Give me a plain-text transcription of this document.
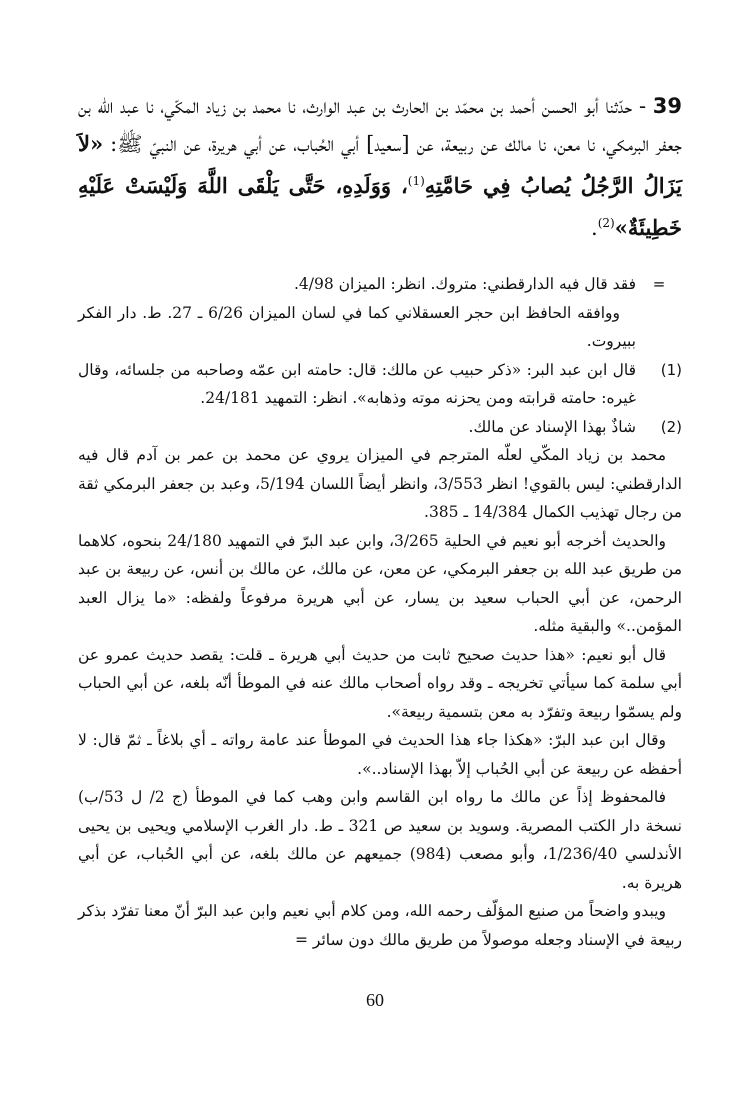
39 - حدّثنا أبو الحسن أحمد بن محمّد بن الحارث بن عبد الوارث، نا محمد بن زياد المكّي، نا عبد الله بن جعفر البرمكي، نا معن، نا مالك عن ربيعة، عن [سعيد] أبي الحُباب، عن أبي هريرة، عن النبيّ ﷺ: «لاَ يَزَالُ الرَّجُلُ يُصابُ فِي حَامَّتِهِ$^{(1)}$، وَوَلَدِهِ، حَتَّى يَلْقَى اللَّهَ وَلَيْسَتْ عَلَيْهِ خَطِيئَةٌ»$^{(2)}$.

=

فقد قال فيه الدارقطني: متروك. انظر: الميزان 4/98.

ووافقه الحافظ ابن حجر العسقلاني كما في لسان الميزان 6/26 ـ 27. ط. دار الفكر ببيروت.

(1)

قال ابن عبد البر: «ذكر حبيب عن مالك: قال: حامته ابن عمّه وصاحبه من جلسائه، وقال غيره: حامته قرابته ومن يحزنه موته وذهابه». انظر: التمهيد 24/181.

(2)

شاذٌ بهذا الإسناد عن مالك.

محمد بن زياد المكّي لعلّه المترجم في الميزان يروي عن محمد بن عمر بن آدم قال فيه الدارقطني: ليس بالقوي! انظر 3/553، وانظر أيضاً اللسان 5/194، وعبد بن جعفر البرمكي ثقة من رجال تهذيب الكمال 14/384 ـ 385.

والحديث أخرجه أبو نعيم في الحلية 3/265، وابن عبد البرّ في التمهيد 24/180 بنحوه، كلاهما من طريق عبد الله بن جعفر البرمكي، عن معن، عن مالك، عن مالك بن أنس، عن ربيعة بن عبد الرحمن، عن أبي الحباب سعيد بن يسار، عن أبي هريرة مرفوعاً ولفظه: «ما يزال العبد المؤمن..» والبقية مثله.

قال أبو نعيم: «هذا حديث صحيح ثابت من حديث أبي هريرة ـ قلت: يقصد حديث عمرو عن أبي سلمة كما سيأتي تخريجه ـ وقد رواه أصحاب مالك عنه في الموطأ أنّه بلغه، عن أبي الحباب ولم يسمّوا ربيعة وتفرّد به معن بتسمية ربيعة».

وقال ابن عبد البرّ: «هكذا جاء هذا الحديث في الموطأ عند عامة رواته ـ أي بلاغاً ـ ثمّ قال: لا أحفظه عن ربيعة عن أبي الحُباب إلاّ بهذا الإسناد..».

فالمحفوظ إذاً عن مالك ما رواه ابن القاسم وابن وهب كما في الموطأ (ج 2/ ل 53/ب) نسخة دار الكتب المصرية. وسويد بن سعيد ص 321 ـ ط. دار الغرب الإسلامي ويحيى بن يحيى الأندلسي 1/236/40، وأبو مصعب (984) جميعهم عن مالك بلغه، عن أبي الحُباب، عن أبي هريرة به.

ويبدو واضحاً من صنيع المؤلّف رحمه الله، ومن كلام أبي نعيم وابن عبد البرّ أنّ معنا تفرّد بذكر ربيعة في الإسناد وجعله موصولاً من طريق مالك دون سائر =

60
